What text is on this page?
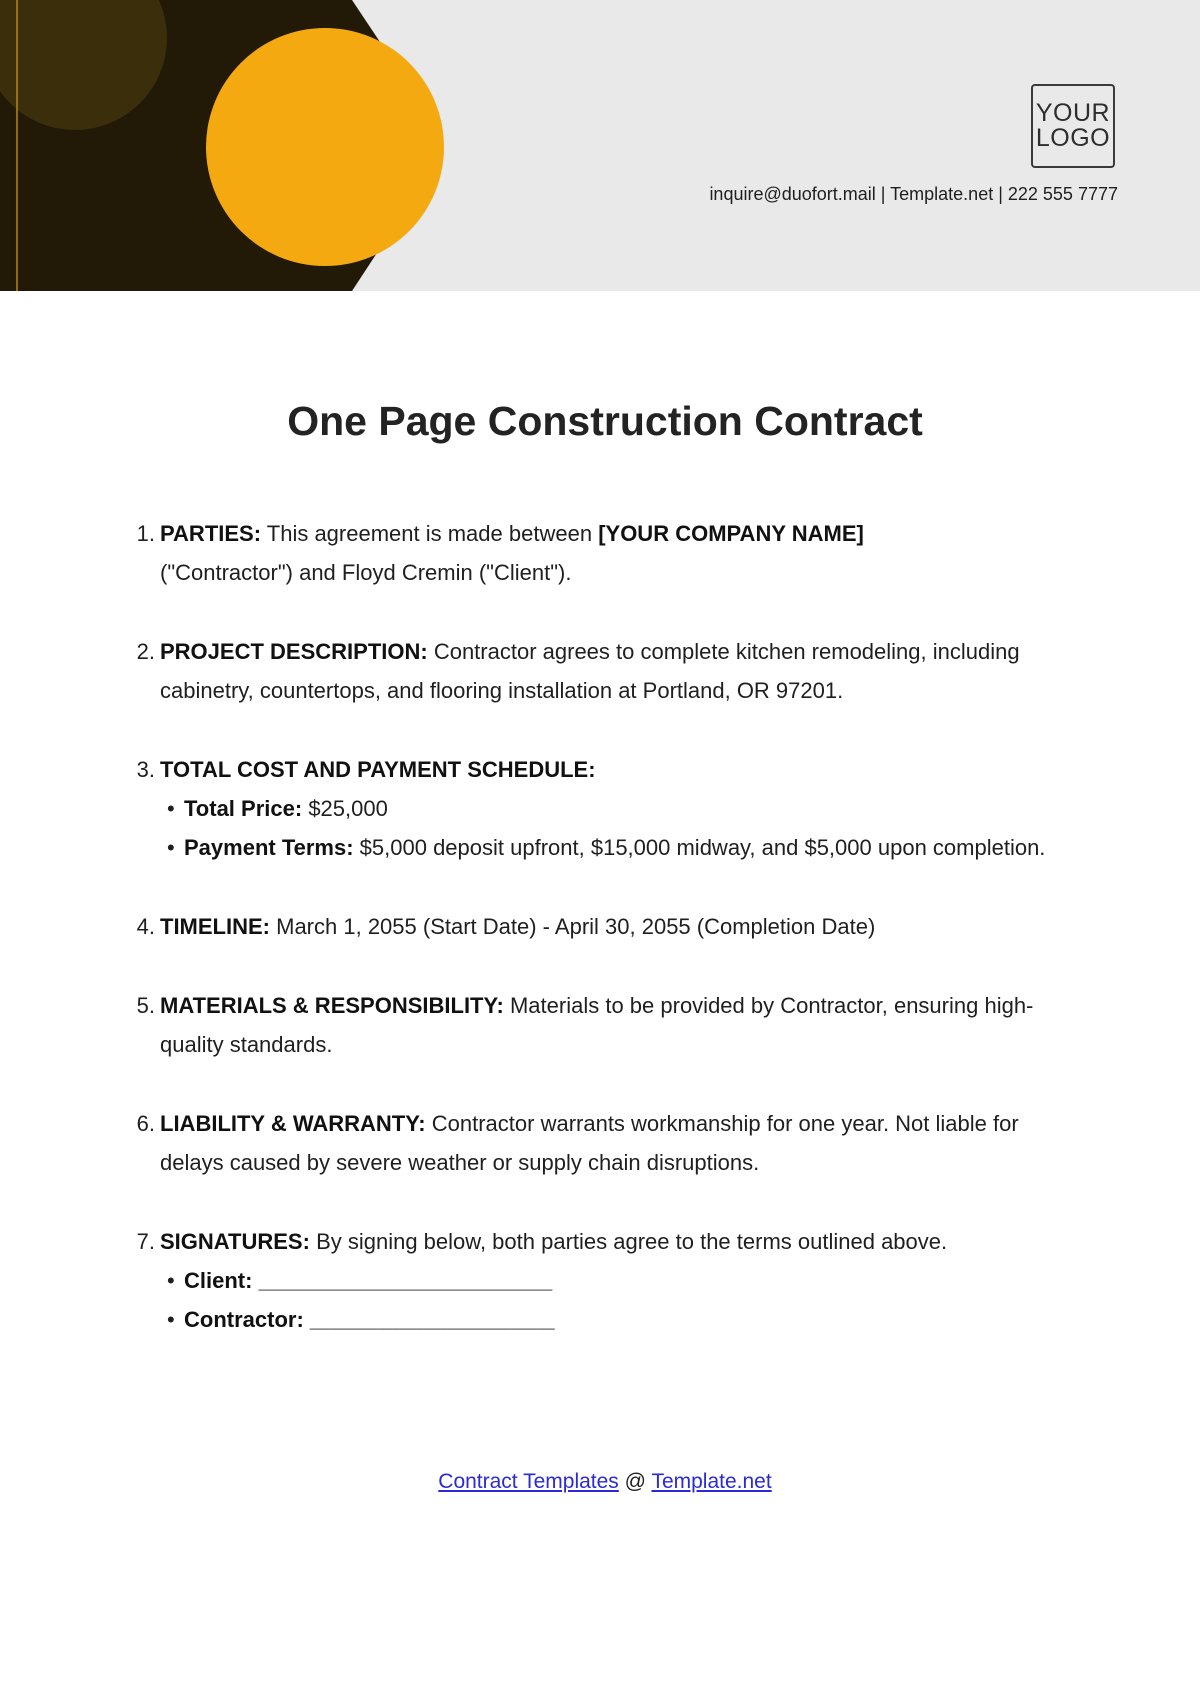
YOUR
LOGO
inquire@duofort.mail | Template.net | 222 555 7777
One Page Construction Contract
1. PARTIES: This agreement is made between [YOUR COMPANY NAME]
("Contractor") and Floyd Cremin ("Client").
2. PROJECT DESCRIPTION: Contractor agrees to complete kitchen remodeling, including cabinetry, countertops, and flooring installation at Portland, OR 97201.
3. TOTAL COST AND PAYMENT SCHEDULE:
• Total Price: $25,000
• Payment Terms: $5,000 deposit upfront, $15,000 midway, and $5,000 upon completion.
4. TIMELINE: March 1, 2055 (Start Date) - April 30, 2055 (Completion Date)
5. MATERIALS & RESPONSIBILITY: Materials to be provided by Contractor, ensuring high-quality standards.
6. LIABILITY & WARRANTY: Contractor warrants workmanship for one year. Not liable for delays caused by severe weather or supply chain disruptions.
7. SIGNATURES: By signing below, both parties agree to the terms outlined above.
• Client: ________________________
• Contractor: ____________________
Contract Templates @ Template.net
